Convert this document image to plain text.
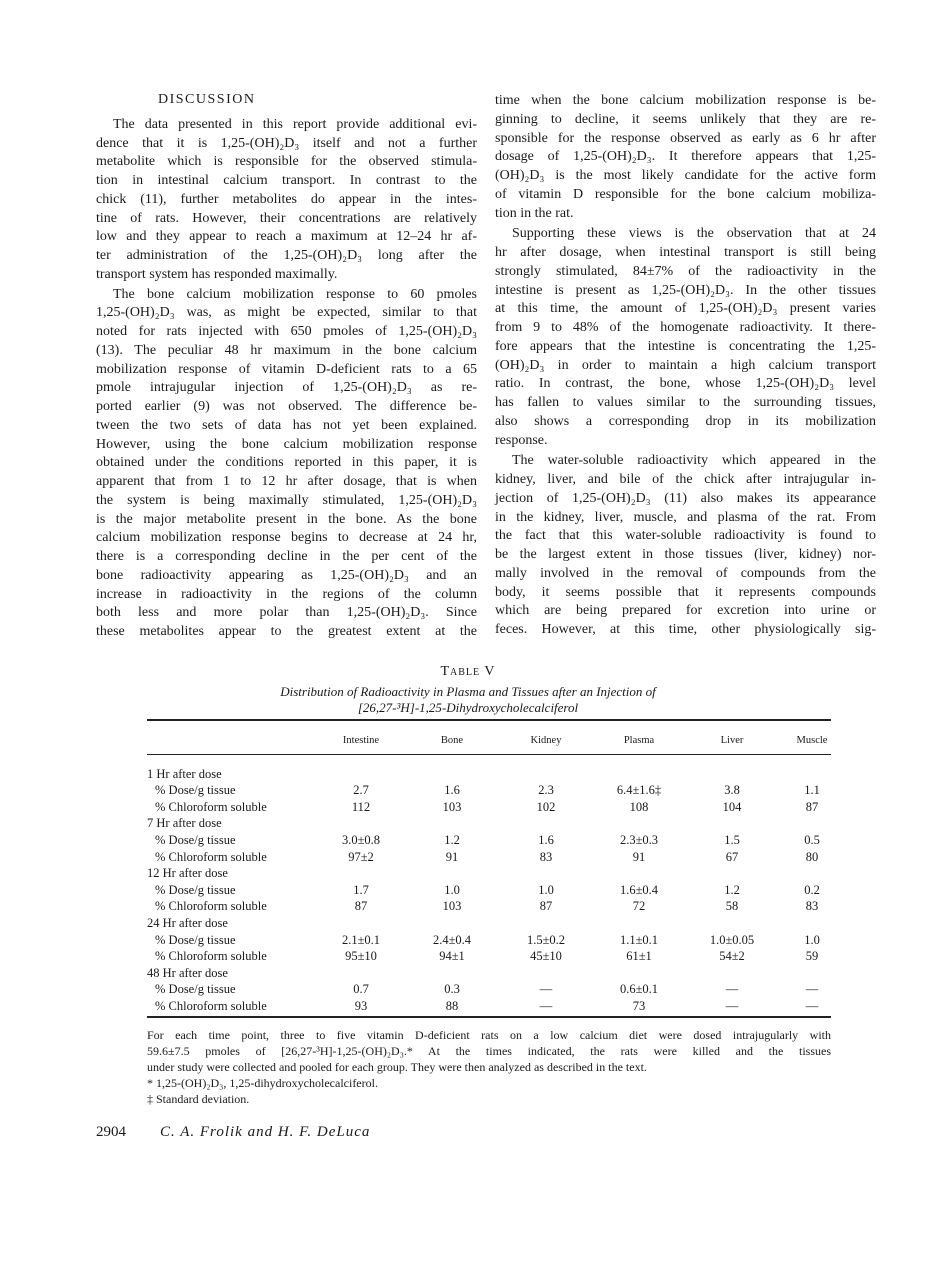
DISCUSSION
The data presented in this report provide additional evi-
dence that it is 1,25-(OH)₂D₃ itself and not a further
metabolite which is responsible for the observed stimula-
tion in intestinal calcium transport. In contrast to the
chick (11), further metabolites do appear in the intes-
tine of rats. However, their concentrations are relatively
low and they appear to reach a maximum at 12–24 hr af-
ter administration of the 1,25-(OH)₂D₃ long after the
transport system has responded maximally.
The bone calcium mobilization response to 60 pmoles
1,25-(OH)₂D₃ was, as might be expected, similar to that
noted for rats injected with 650 pmoles of 1,25-(OH)₂D₃
(13). The peculiar 48 hr maximum in the bone calcium
mobilization response of vitamin D-deficient rats to a 65
pmole intrajugular injection of 1,25-(OH)₂D₃ as re-
ported earlier (9) was not observed. The difference be-
tween the two sets of data has not yet been explained.
However, using the bone calcium mobilization response
obtained under the conditions reported in this paper, it is
apparent that from 1 to 12 hr after dosage, that is when
the system is being maximally stimulated, 1,25-(OH)₂D₃
is the major metabolite present in the bone. As the bone
calcium mobilization response begins to decrease at 24 hr,
there is a corresponding decline in the per cent of the
bone radioactivity appearing as 1,25-(OH)₂D₃ and an
increase in radioactivity in the regions of the column
both less and more polar than 1,25-(OH)₂D₃. Since
these metabolites appear to the greatest extent at the
time when the bone calcium mobilization response is be-
ginning to decline, it seems unlikely that they are re-
sponsible for the response observed as early as 6 hr after
dosage of 1,25-(OH)₂D₃. It therefore appears that 1,25-
(OH)₂D₃ is the most likely candidate for the active form
of vitamin D responsible for the bone calcium mobiliza-
tion in the rat.
Supporting these views is the observation that at 24
hr after dosage, when intestinal transport is still being
strongly stimulated, 84±7% of the radioactivity in the
intestine is present as 1,25-(OH)₂D₃. In the other tissues
at this time, the amount of 1,25-(OH)₂D₃ present varies
from 9 to 48% of the homogenate radioactivity. It there-
fore appears that the intestine is concentrating the 1,25-
(OH)₂D₃ in order to maintain a high calcium transport
ratio. In contrast, the bone, whose 1,25-(OH)₂D₃ level
has fallen to values similar to the surrounding tissues,
also shows a corresponding drop in its mobilization
response.
The water-soluble radioactivity which appeared in the
kidney, liver, and bile of the chick after intrajugular in-
jection of 1,25-(OH)₂D₃ (11) also makes its appearance
in the kidney, liver, muscle, and plasma of the rat. From
the fact that this water-soluble radioactivity is found to
be the largest extent in those tissues (liver, kidney) nor-
mally involved in the removal of compounds from the
body, it seems possible that it represents compounds
which are being prepared for excretion into urine or
feces. However, at this time, other physiologically sig-
Table V
Distribution of Radioactivity in Plasma and Tissues after an Injection of
[26,27-³H]-1,25-Dihydroxycholecalciferol
Intestine	Bone	Kidney	Plasma	Liver	Muscle
1 Hr after dose
% Dose/g tissue	2.7	1.6	2.3	6.4±1.6‡	3.8	1.1
% Chloroform soluble	112	103	102	108	104	87
7 Hr after dose
% Dose/g tissue	3.0±0.8	1.2	1.6	2.3±0.3	1.5	0.5
% Chloroform soluble	97±2	91	83	91	67	80
12 Hr after dose
% Dose/g tissue	1.7	1.0	1.0	1.6±0.4	1.2	0.2
% Chloroform soluble	87	103	87	72	58	83
24 Hr after dose
% Dose/g tissue	2.1±0.1	2.4±0.4	1.5±0.2	1.1±0.1	1.0±0.05	1.0
% Chloroform soluble	95±10	94±1	45±10	61±1	54±2	59
48 Hr after dose
% Dose/g tissue	0.7	0.3	—	0.6±0.1	—	—
% Chloroform soluble	93	88	—	73	—	—
For each time point, three to five vitamin D-deficient rats on a low calcium diet were dosed intrajugularly with
59.6±7.5 pmoles of [26,27-³H]-1,25-(OH)₂D₃.* At the times indicated, the rats were killed and the tissues
under study were collected and pooled for each group. They were then analyzed as described in the text.
* 1,25-(OH)₂D₃, 1,25-dihydroxycholecalciferol.
‡ Standard deviation.
2904 C. A. Frolik and H. F. DeLuca
